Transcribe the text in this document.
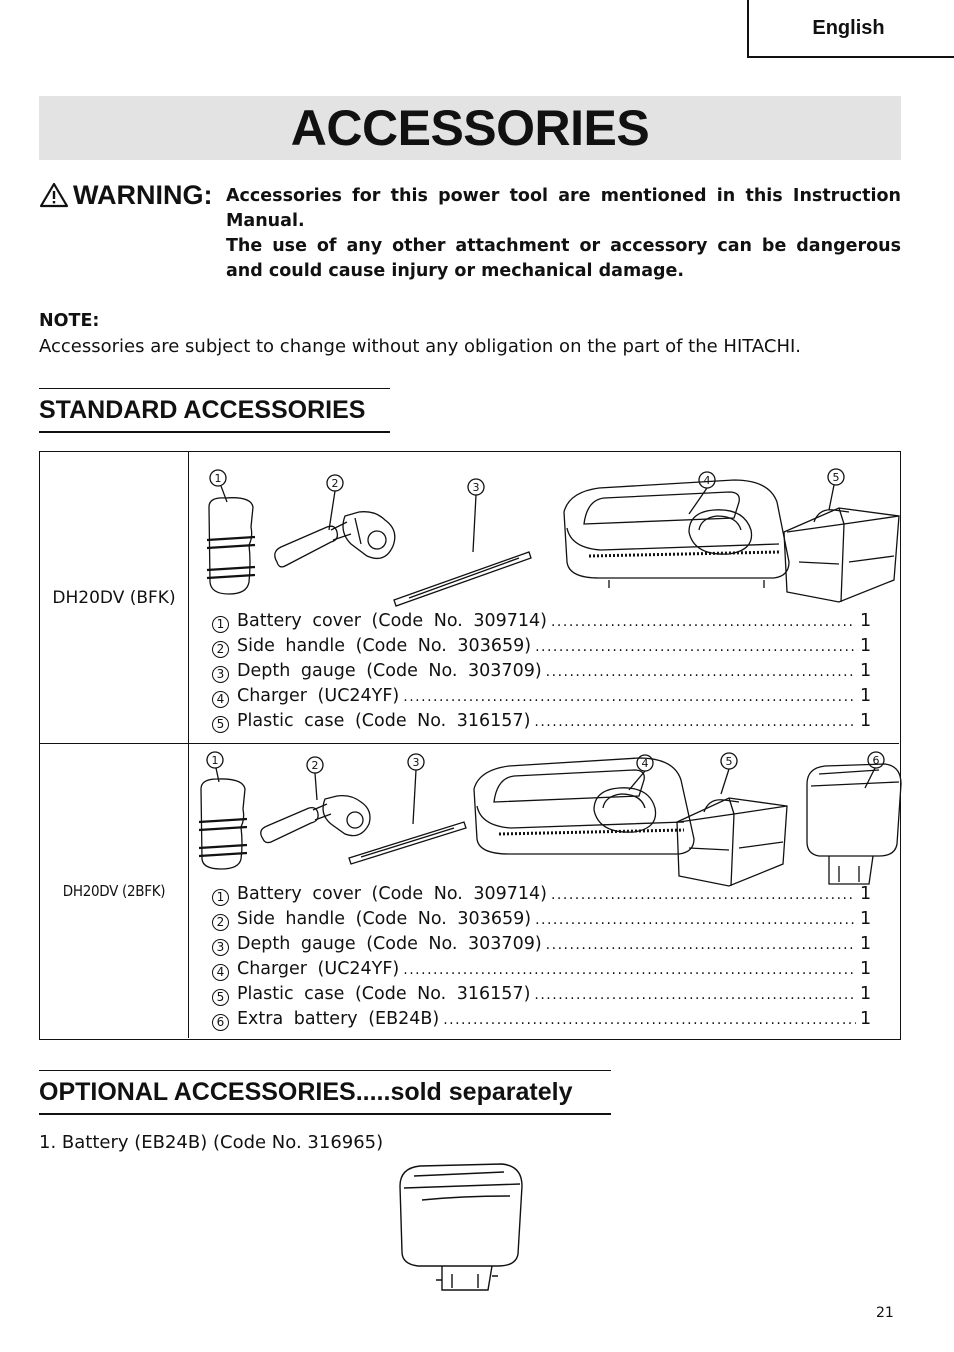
English
ACCESSORIES
WARNING: Accessories for this power tool are mentioned in this Instruction Manual.

The use of any other attachment or accessory can be dangerous and could cause injury or mechanical damage.

NOTE:
Accessories are subject to change without any obligation on the part of the HITACHI.
STANDARD ACCESSORIES
DH20DV (BFK)
1	2	3
4	5
1 Battery cover (Code No. 309714) .....	1
2 Side handle (Code No. 303659) .....	1
3 Depth gauge (Code No. 303709) .....	1
4 Charger (UC24YF) .....	1
5 Plastic case (Code No. 316157) .....	1
DH20DV (2BFK)
1	2	3	4	5	6
1 Battery cover (Code No. 309714) .....	1
2 Side handle (Code No. 303659) .....	1
3 Depth gauge (Code No. 303709) .....	1
4 Charger (UC24YF) .....	1
5 Plastic case (Code No. 316157) .....	1
6 Extra battery (EB24B) .....	1
OPTIONAL ACCESSORIES.....sold separately
1. Battery (EB24B) (Code No. 316965)
21
